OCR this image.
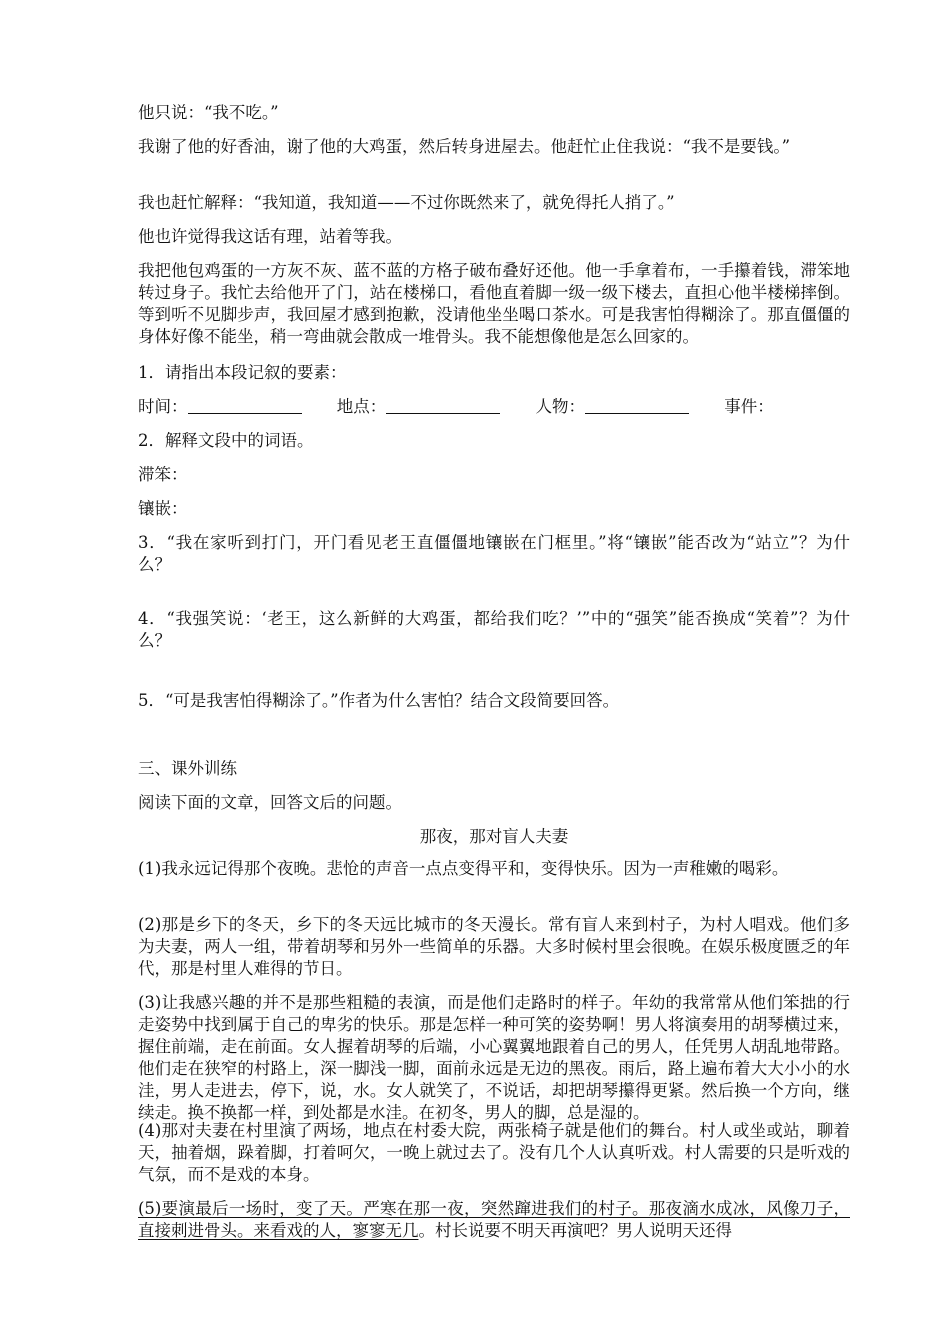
他只说：“我不吃。”

我谢了他的好香油，谢了他的大鸡蛋，然后转身进屋去。他赶忙止住我说：“我不是要钱。”

我也赶忙解释：“我知道，我知道——不过你既然来了，就免得托人捎了。”

他也许觉得我这话有理，站着等我。

我把他包鸡蛋的一方灰不灰、蓝不蓝的方格子破布叠好还他。他一手拿着布，一手攥着钱，滞笨地转过身子。我忙去给他开了门，站在楼梯口，看他直着脚一级一级下楼去，直担心他半楼梯摔倒。等到听不见脚步声，我回屋才感到抱歉，没请他坐坐喝口茶水。可是我害怕得糊涂了。那直僵僵的身体好像不能坐，稍一弯曲就会散成一堆骨头。我不能想像他是怎么回家的。

1．请指出本段记叙的要素：

时间：	地点：	人物：	事件：

2．解释文段中的词语。

滞笨：

镶嵌：

3．“我在家听到打门，开门看见老王直僵僵地镶嵌在门框里。”将“镶嵌”能否改为“站立”？为什么？

4．“我强笑说：‘老王，这么新鲜的大鸡蛋，都给我们吃？’”中的“强笑”能否换成“笑着”？为什么？

5．“可是我害怕得糊涂了。”作者为什么害怕？结合文段简要回答。

三、课外训练

阅读下面的文章，回答文后的问题。

那夜，那对盲人夫妻

(1)我永远记得那个夜晚。悲怆的声音一点点变得平和，变得快乐。因为一声稚嫩的喝彩。

(2)那是乡下的冬天，乡下的冬天远比城市的冬天漫长。常有盲人来到村子，为村人唱戏。他们多为夫妻，两人一组，带着胡琴和另外一些简单的乐器。大多时候村里会很晚。在娱乐极度匮乏的年代，那是村里人难得的节日。

(3)让我感兴趣的并不是那些粗糙的表演，而是他们走路时的样子。年幼的我常常从他们笨拙的行走姿势中找到属于自己的卑劣的快乐。那是怎样一种可笑的姿势啊！男人将演奏用的胡琴横过来，握住前端，走在前面。女人握着胡琴的后端，小心翼翼地跟着自己的男人，任凭男人胡乱地带路。他们走在狭窄的村路上，深一脚浅一脚，面前永远是无边的黑夜。雨后，路上遍布着大大小小的水洼，男人走进去，停下，说，水。女人就笑了，不说话，却把胡琴攥得更紧。然后换一个方向，继续走。换不换都一样，到处都是水洼。在初冬，男人的脚，总是湿的。

(4)那对夫妻在村里演了两场，地点在村委大院，两张椅子就是他们的舞台。村人或坐或站，聊着天，抽着烟，跺着脚，打着呵欠，一晚上就过去了。没有几个人认真听戏。村人需要的只是听戏的气氛，而不是戏的本身。

(5)要演最后一场时，变了天。严寒在那一夜，突然蹿进我们的村子。那夜滴水成冰，风像刀子，直接刺进骨头。来看戏的人，寥寥无几。村长说要不明天再演吧？男人说明天还得
